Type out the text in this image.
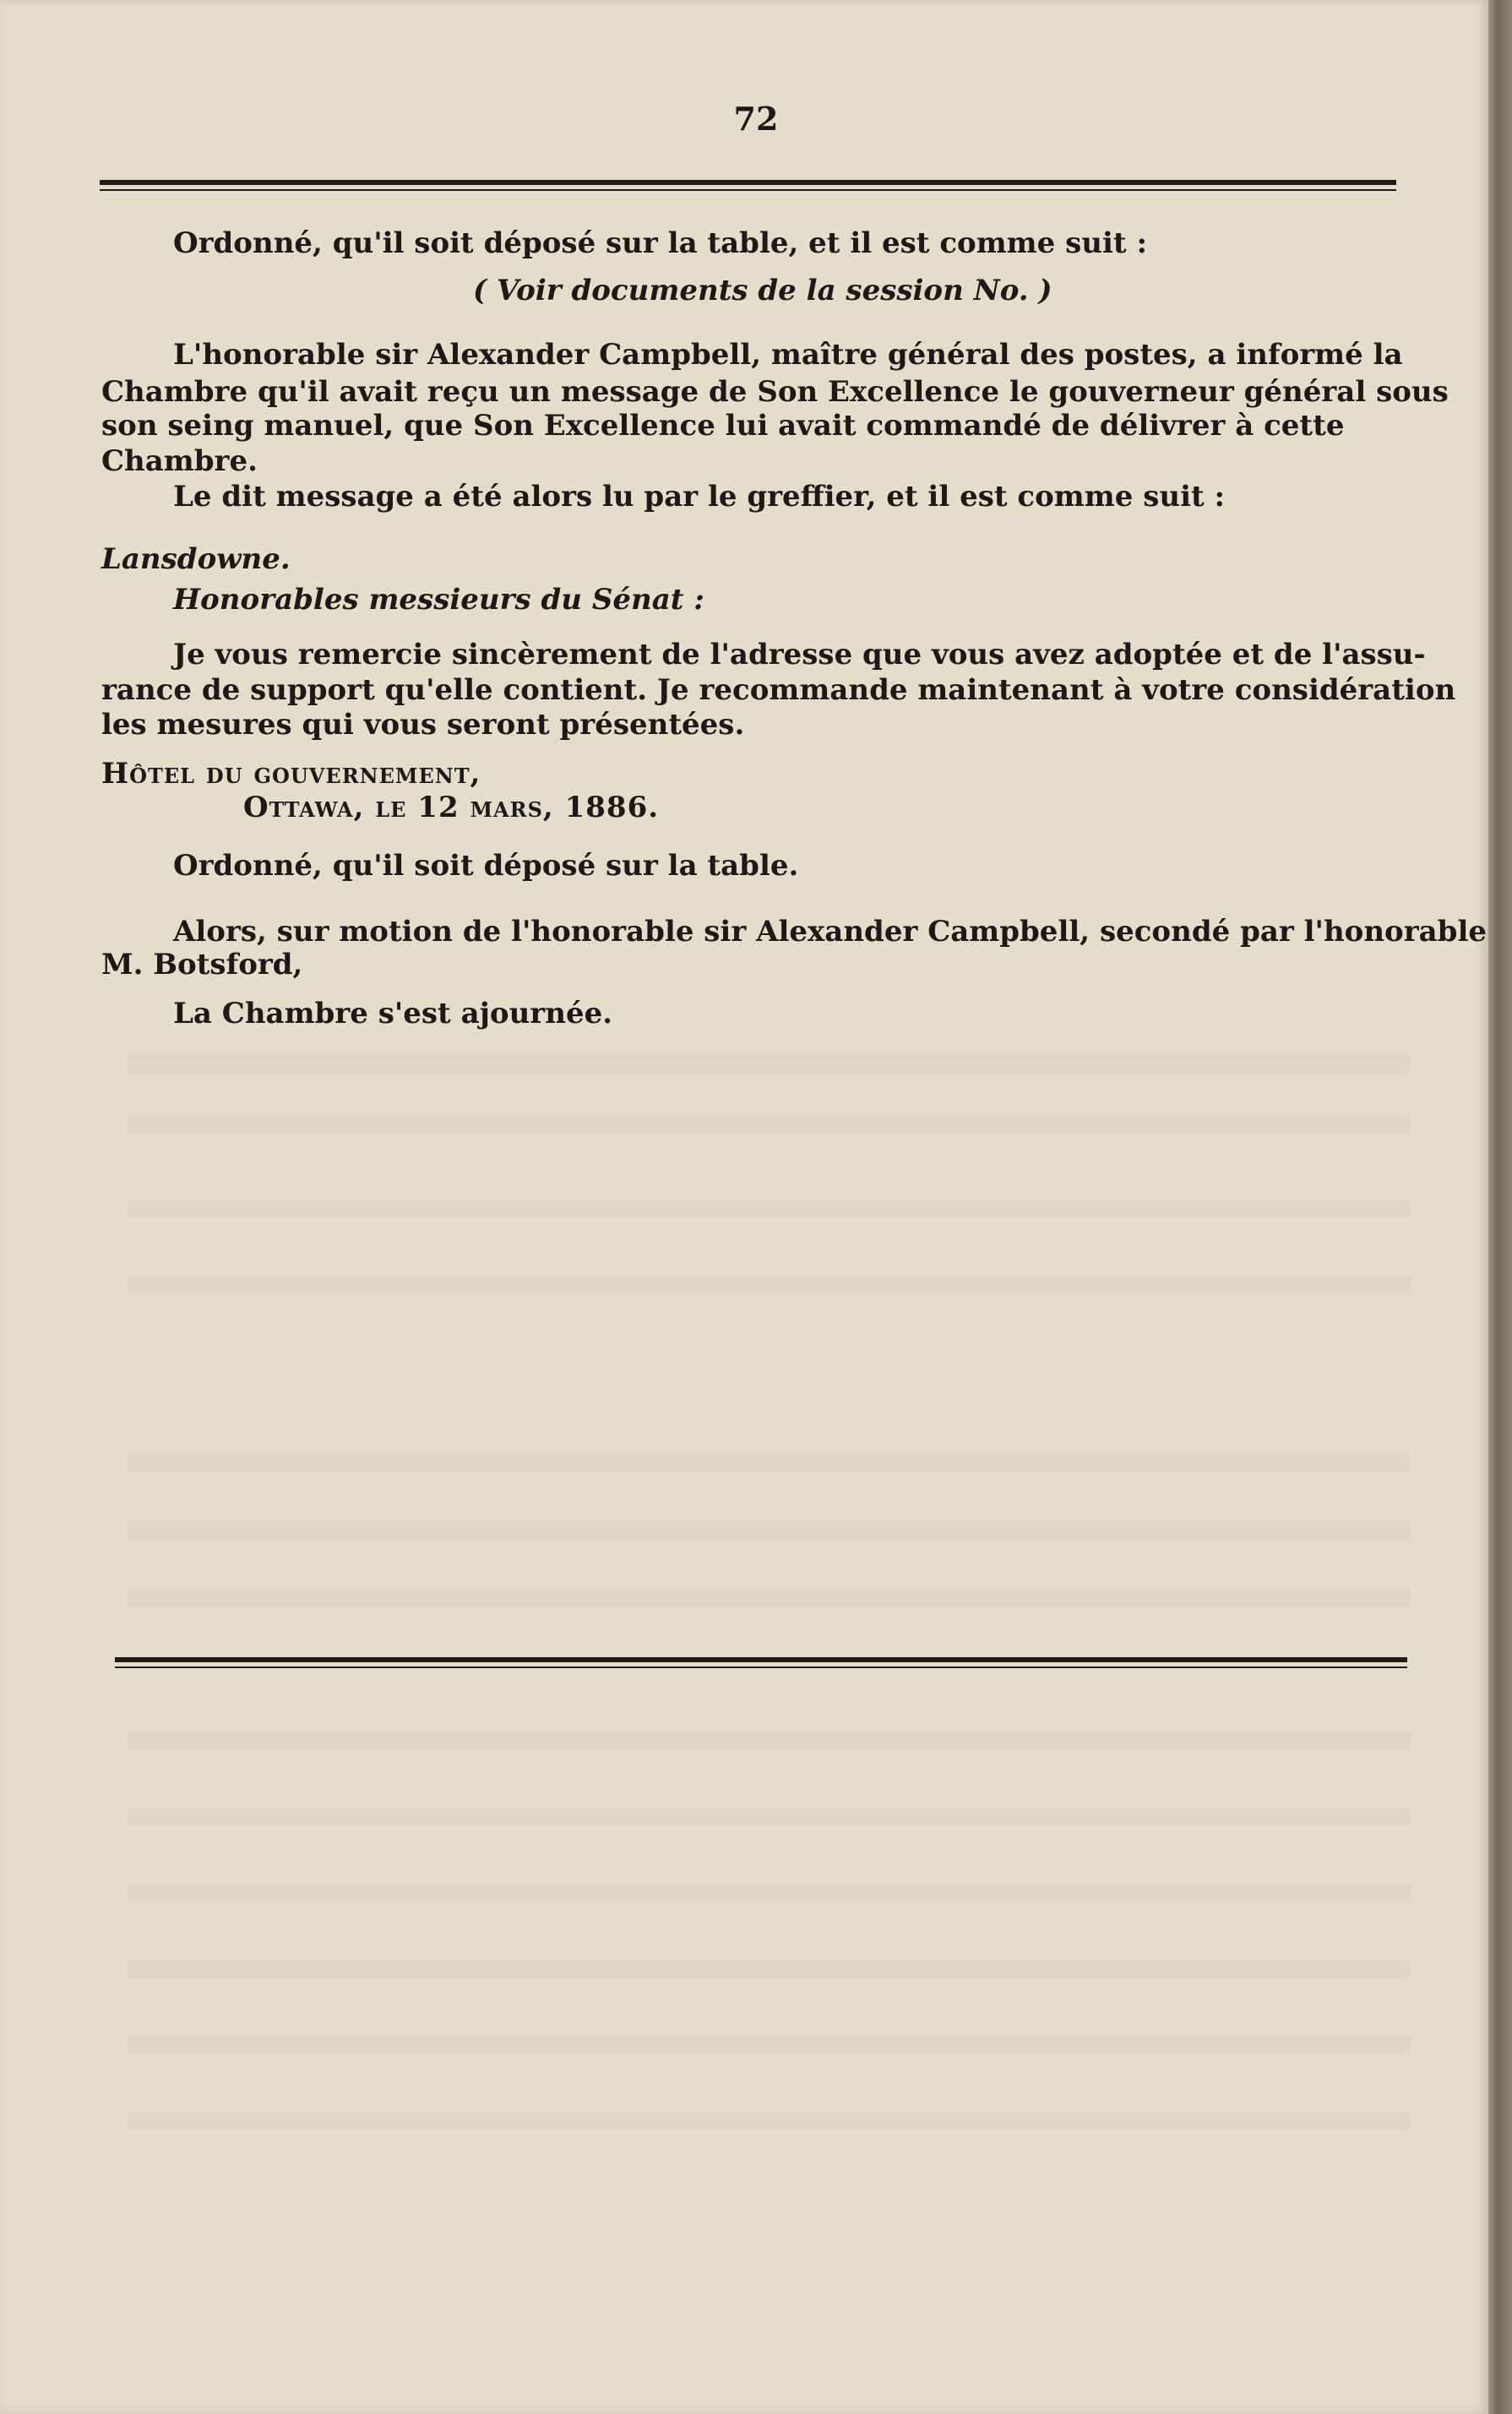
72
Ordonné, qu'il soit déposé sur la table, et il est comme suit :
( Voir documents de la session No. )
L'honorable sir Alexander Campbell, maître général des postes, a informé la
Chambre qu'il avait reçu un message de Son Excellence le gouverneur général sous
son seing manuel, que Son Excellence lui avait commandé de délivrer à cette
Chambre.
Le dit message a été alors lu par le greffier, et il est comme suit :
Lansdowne.
Honorables messieurs du Sénat :
Je vous remercie sincèrement de l'adresse que vous avez adoptée et de l'assu-
rance de support qu'elle contient. Je recommande maintenant à votre considération
les mesures qui vous seront présentées.
Hôtel du gouvernement,
Ottawa, le 12 mars, 1886.
Ordonné, qu'il soit déposé sur la table.
Alors, sur motion de l'honorable sir Alexander Campbell, secondé par l'honorable
M. Botsford,
La Chambre s'est ajournée.
